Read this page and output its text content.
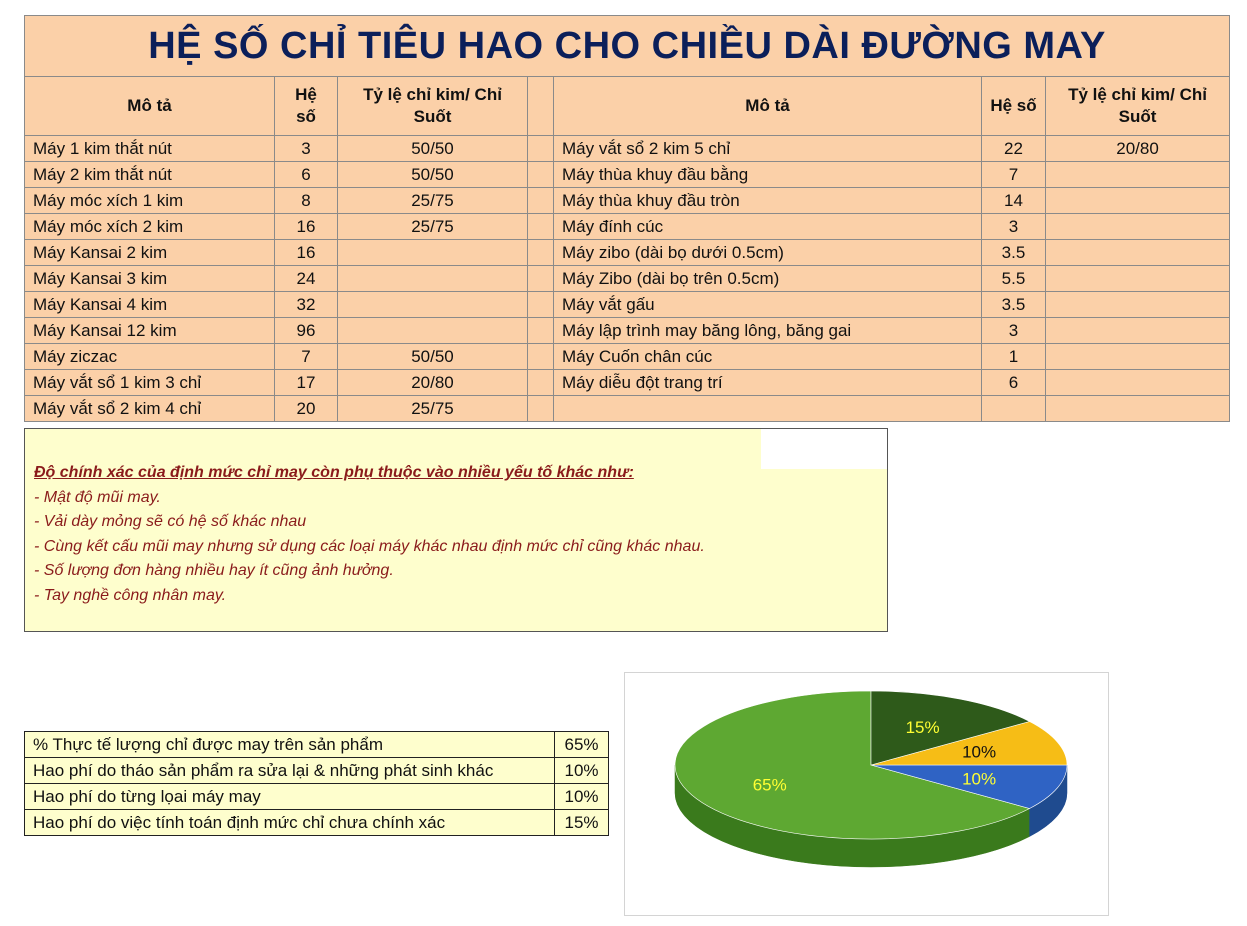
HỆ SỐ CHỈ TIÊU HAO CHO CHIỀU DÀI ĐƯỜNG MAY						
Mô tả	Hệ số	Tỷ lệ chỉ kim/ Chỉ Suốt		Mô tả	Hệ số	Tỷ lệ chỉ kim/ Chỉ Suốt
Máy 1 kim thắt nút	3	50/50		Máy vắt sổ 2 kim 5 chỉ	22	20/80
Máy 2 kim thắt nút	6	50/50		Máy thùa khuy đầu bằng	7	
Máy móc xích 1 kim	8	25/75		Máy thùa khuy đầu tròn	14	
Máy móc xích 2 kim	16	25/75		Máy đính cúc	3	
Máy Kansai 2 kim	16			Máy zibo (dài bọ dưới 0.5cm)	3.5	
Máy Kansai 3 kim	24			Máy Zibo (dài bọ trên 0.5cm)	5.5	
Máy Kansai 4 kim	32			Máy vắt gấu	3.5	
Máy Kansai 12 kim	96			Máy lập trình may băng lông, băng gai	3	
Máy ziczac	7	50/50		Máy Cuốn chân cúc	1	
Máy vắt sổ 1 kim 3 chỉ	17	20/80		Máy diễu đột trang trí	6	
Máy vắt sổ 2 kim 4 chỉ	20	25/75				
Độ chính xác của định mức chỉ may còn phụ thuộc vào nhiều yếu tố khác như:
- Mật độ mũi may.
- Vải dày mỏng sẽ có hệ số khác nhau
- Cùng kết cấu mũi may nhưng sử dụng các loại máy khác nhau định mức chỉ cũng khác nhau.
- Số lượng đơn hàng nhiều hay ít cũng ảnh hưởng.
- Tay nghề công nhân may.
% Thực tế lượng chỉ được may trên sản phẩm	65%
Hao phí do tháo sản phẩm ra sửa lại & những phát sinh khác	10%
Hao phí do từng lọai máy may	10%
Hao phí do việc tính toán định mức chỉ chưa chính xác	15%
65%	10%
10%
15%
